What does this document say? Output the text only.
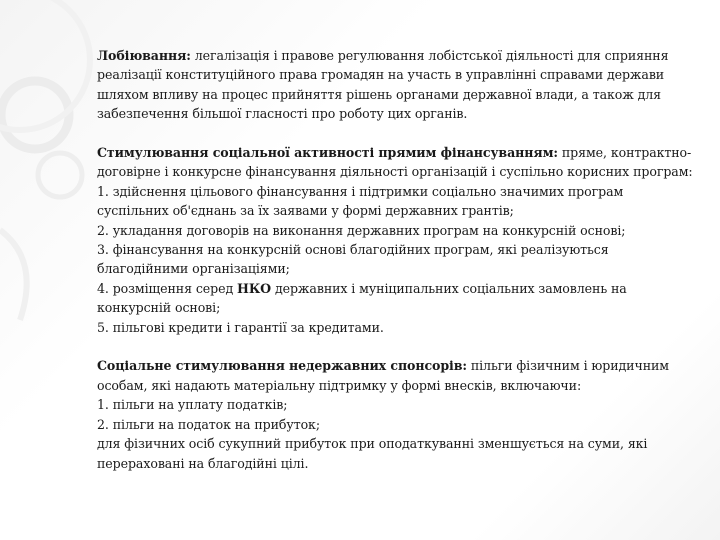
Лобіювання: легалізація і правове регулювання лобістської діяльності для сприяння реалізації конституційного права громадян на участь в управлінні справами держави шляхом впливу на процес прийняття рішень органами державної влади, а також для забезпечення більшої гласності про роботу цих органів.

Стимулювання соціальної активності прямим фінансуванням: пряме, контрактно-договірне і конкурсне фінансування діяльності організацій і суспільно корисних програм:

1. здійснення цільового фінансування і підтримки соціально значимих програм суспільних об'єднань за їх заявами у формі державних грантів;

2. укладання договорів на виконання державних програм на конкурсній основі;

3. фінансування на конкурсній основі благодійних програм, які реалізуються благодійними організаціями;

4. розміщення серед НКО державних і муніципальних соціальних замовлень на конкурсній основі;

5. пільгові кредити і гарантії за кредитами.

Соціальне стимулювання недержавних спонсорів: пільги фізичним і юридичним особам, які надають матеріальну підтримку у формі внесків, включаючи:

1. пільги на уплату податків;

2. пільги на податок на прибуток;

для фізичних осіб сукупний прибуток при оподаткуванні зменшується на суми, які перераховані на благодійні цілі.
